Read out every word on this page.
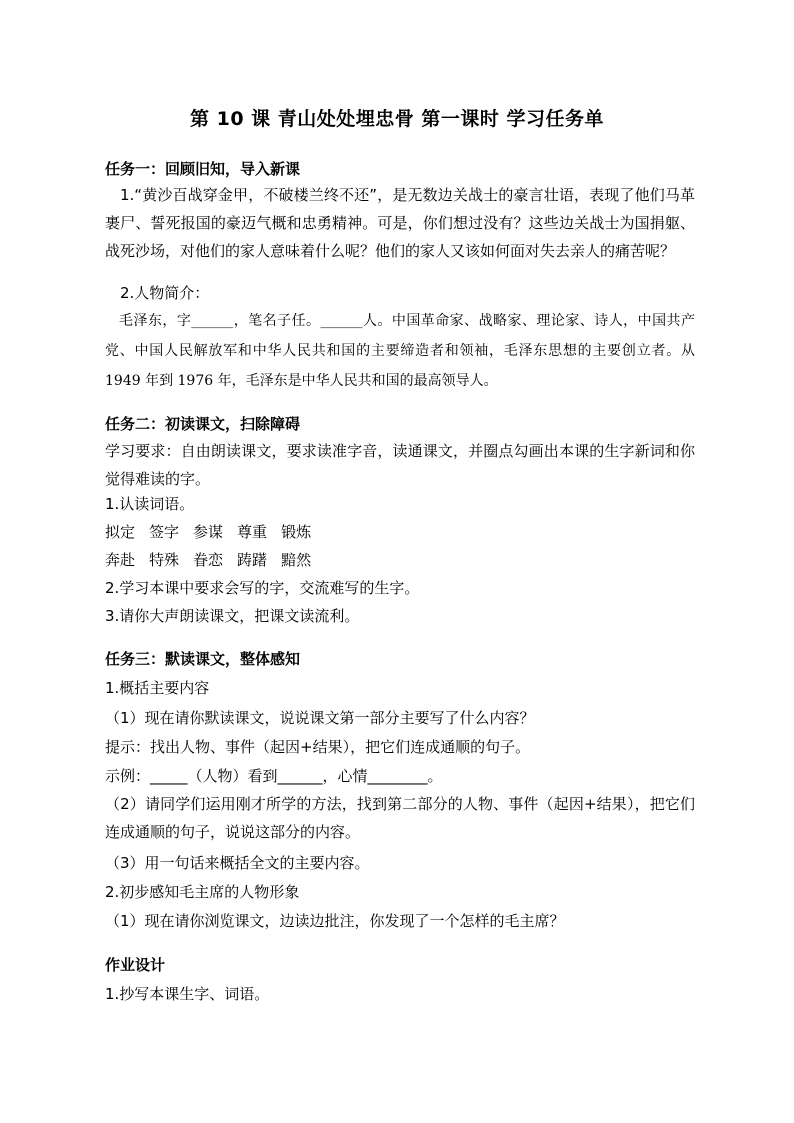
第 10 课 青山处处埋忠骨 第一课时 学习任务单
任务一：回顾旧知，导入新课
1.“黄沙百战穿金甲，不破楼兰终不还”，是无数边关战士的豪言壮语，表现了他们马革裹尸、誓死报国的豪迈气概和忠勇精神。可是，你们想过没有？这些边关战士为国捐躯、战死沙场，对他们的家人意味着什么呢？他们的家人又该如何面对失去亲人的痛苦呢？
2.人物简介：
毛泽东，字______，笔名子任。______人。中国革命家、战略家、理论家、诗人，中国共产党、中国人民解放军和中华人民共和国的主要缔造者和领袖，毛泽东思想的主要创立者。从 1949 年到 1976 年，毛泽东是中华人民共和国的最高领导人。
任务二：初读课文，扫除障碍
学习要求：自由朗读课文，要求读准字音，读通课文，并圈点勾画出本课的生字新词和你觉得难读的字。
1.认读词语。
拟定 签字 参谋 尊重 锻炼
奔赴 特殊 眷恋 踌躇 黯然
2.学习本课中要求会写的字，交流难写的生字。
3.请你大声朗读课文，把课文读流利。
任务三：默读课文，整体感知
1.概括主要内容
（1）现在请你默读课文，说说课文第一部分主要写了什么内容？
提示：找出人物、事件（起因+结果），把它们连成通顺的句子。
示例：_____（人物）看到______，心情________。
（2）请同学们运用刚才所学的方法，找到第二部分的人物、事件（起因+结果），把它们连成通顺的句子，说说这部分的内容。
（3）用一句话来概括全文的主要内容。
2.初步感知毛主席的人物形象
（1）现在请你浏览课文，边读边批注，你发现了一个怎样的毛主席？
作业设计
1.抄写本课生字、词语。
